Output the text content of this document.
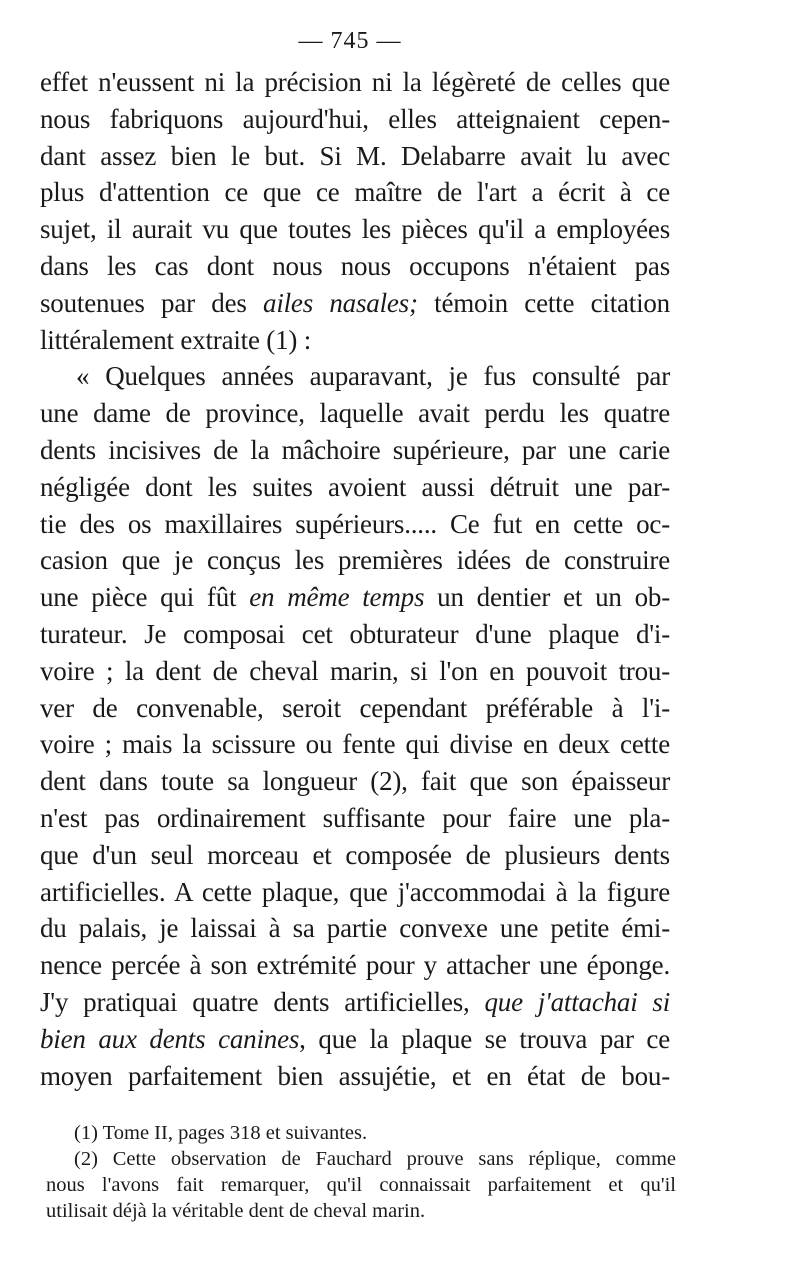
— 745 —
effet n'eussent ni la précision ni la légèreté de celles que
nous fabriquons aujourd'hui, elles atteignaient cepen-
dant assez bien le but. Si M. Delabarre avait lu avec
plus d'attention ce que ce maître de l'art a écrit à ce
sujet, il aurait vu que toutes les pièces qu'il a employées
dans les cas dont nous nous occupons n'étaient pas
soutenues par des ailes nasales; témoin cette citation
littéralement extraite (1) :
« Quelques années auparavant, je fus consulté par
une dame de province, laquelle avait perdu les quatre
dents incisives de la mâchoire supérieure, par une carie
négligée dont les suites avoient aussi détruit une par-
tie des os maxillaires supérieurs..... Ce fut en cette oc-
casion que je conçus les premières idées de construire
une pièce qui fût en même temps un dentier et un ob-
turateur. Je composai cet obturateur d'une plaque d'i-
voire ; la dent de cheval marin, si l'on en pouvoit trou-
ver de convenable, seroit cependant préférable à l'i-
voire ; mais la scissure ou fente qui divise en deux cette
dent dans toute sa longueur (2), fait que son épaisseur
n'est pas ordinairement suffisante pour faire une pla-
que d'un seul morceau et composée de plusieurs dents
artificielles. A cette plaque, que j'accommodai à la figure
du palais, je laissai à sa partie convexe une petite émi-
nence percée à son extrémité pour y attacher une éponge.
J'y pratiquai quatre dents artificielles, que j'attachai si
bien aux dents canines, que la plaque se trouva par ce
moyen parfaitement bien assujétie, et en état de bou-
(1) Tome II, pages 318 et suivantes.
(2) Cette observation de Fauchard prouve sans réplique, comme
nous l'avons fait remarquer, qu'il connaissait parfaitement et qu'il
utilisait déjà la véritable dent de cheval marin.
